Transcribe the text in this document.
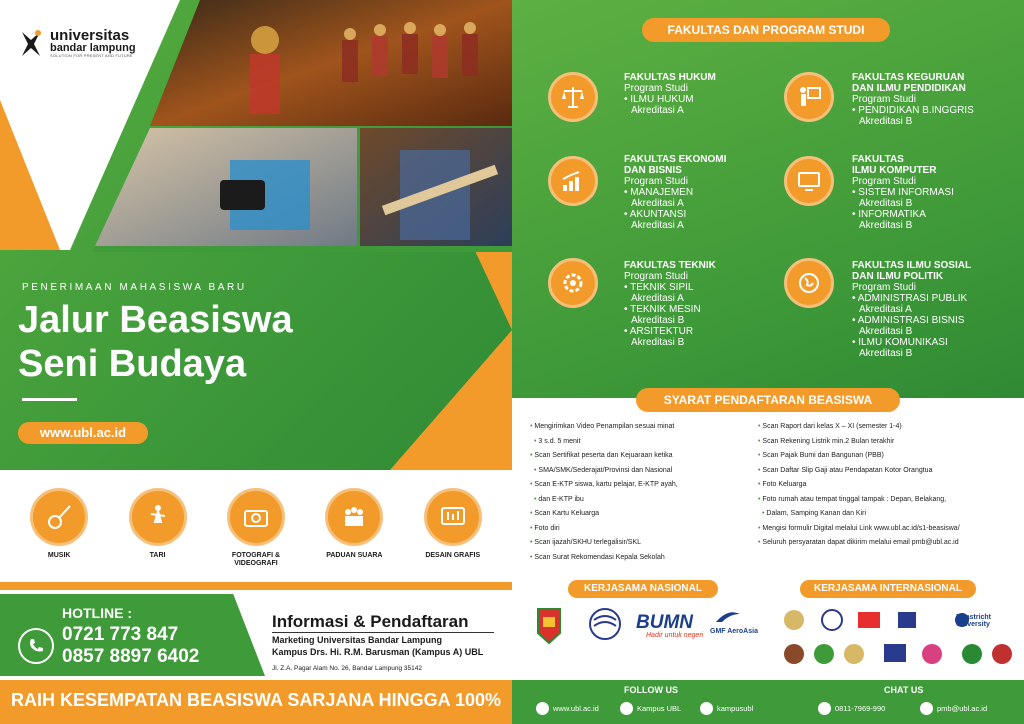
universitas
bandar lampung
SOLUTION FOR PRESENT AND FUTURE
PENERIMAAN MAHASISWA BARU
Jalur Beasiswa
Seni Budaya
www.ubl.ac.id
MUSIK	TARI	FOTOGRAFI & VIDEOGRAFI
PADUAN SUARA	DESAIN GRAFIS
HOTLINE :
0721 773 847
0857 8897 6402
Informasi & Pendaftaran
Marketing Universitas Bandar Lampung
Kampus Drs. Hi. R.M. Barusman (Kampus A) UBL
Jl. Z.A. Pagar Alam No. 26, Bandar Lampung 35142
RAIH KESEMPATAN BEASISWA SARJANA HINGGA 100%
FAKULTAS DAN PROGRAM STUDI
FAKULTAS HUKUM
Program Studi
• ILMU HUKUM
Akreditasi A
FAKULTAS KEGURUAN
DAN ILMU PENDIDIKAN
Program Studi
• PENDIDIKAN B.INGGRIS
Akreditasi B
FAKULTAS EKONOMI
DAN BISNIS
Program Studi
• MANAJEMEN
Akreditasi A
• AKUNTANSI
Akreditasi A
FAKULTAS
ILMU KOMPUTER
Program Studi
• SISTEM INFORMASI
Akreditasi B
• INFORMATIKA
Akreditasi B
FAKULTAS TEKNIK
Program Studi
• TEKNIK SIPIL
Akreditasi A
• TEKNIK MESIN
Akreditasi B
• ARSITEKTUR
Akreditasi B
FAKULTAS ILMU SOSIAL
DAN ILMU POLITIK
Program Studi
• ADMINISTRASI PUBLIK
Akreditasi A
• ADMINISTRASI BISNIS
Akreditasi B
• ILMU KOMUNIKASI
Akreditasi B
SYARAT PENDAFTARAN BEASISWA
• Mengirimkan Video Penampilan sesuai minat
• 3 s.d. 5 menit
• Scan Sertifikat peserta dan Kejuaraan ketika
• SMA/SMK/Sederajat/Provinsi dan Nasional
• Scan E-KTP siswa, kartu pelajar, E-KTP ayah,
• dan E-KTP ibu
• Scan Kartu Keluarga
• Foto diri
• Scan ijazah/SKHU terlegalisir/SKL
• Scan Surat Rekomendasi Kepala Sekolah
• Scan Raport dari kelas X – XI (semester 1-4)
• Scan Rekening Listrik min.2 Bulan terakhir
• Scan Pajak Bumi dan Bangunan (PBB)
• Scan Daftar Slip Gaji atau Pendapatan Kotor Orangtua
• Foto Keluarga
• Foto rumah atau tempat tinggal tampak : Depan, Belakang,
• Dalam, Samping Kanan dan Kiri
• Mengisi formulir Digital melalui Link www.ubl.ac.id/s1-beasiswa/
• Seluruh persyaratan dapat dikirim melalui email pmb@ubl.ac.id
KERJASAMA NASIONAL	KERJASAMA INTERNASIONAL
BUMN
Hadir untuk negeri
GMF AeroAsia
Maastricht University
FOLLOW US	CHAT US
www.ubl.ac.id	Kampus UBL	kampusubl	0811-7969-990	pmb@ubl.ac.id
